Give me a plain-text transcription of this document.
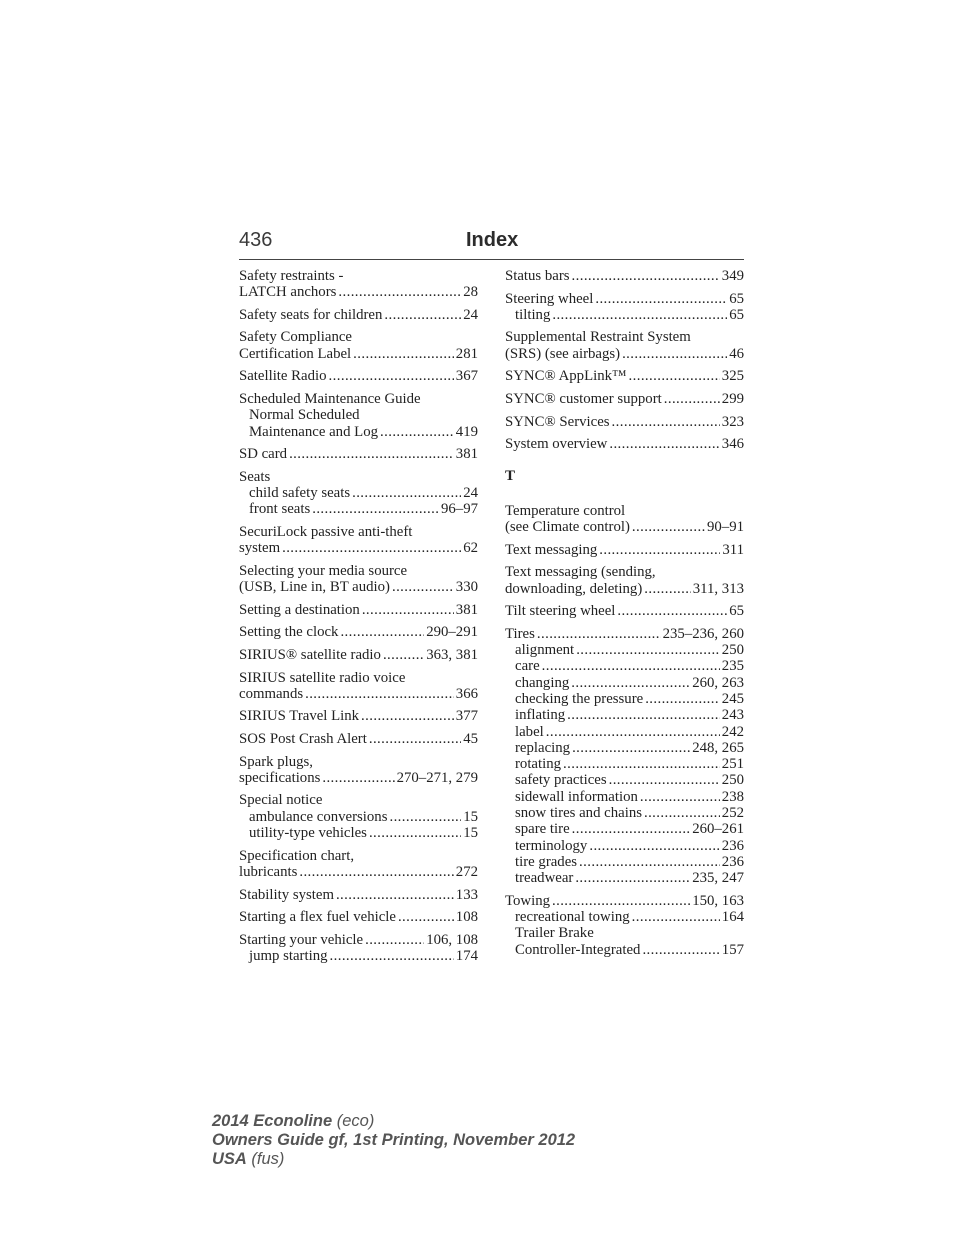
436	Index
Safety restraints -
LATCH anchors .....	28
Safety seats for children .....	24
Safety Compliance
Certification Label .....	281
Satellite Radio .....	367
Scheduled Maintenance Guide
Normal Scheduled
Maintenance and Log .....	419
SD card .....	381
Seats
child safety seats .....	24
front seats .....	96–97
SecuriLock passive anti-theft
system .....	62
Selecting your media source
(USB, Line in, BT audio) .....	330
Setting a destination .....	381
Setting the clock .....	290–291
SIRIUS® satellite radio .....	363, 381
SIRIUS satellite radio voice
commands .....	366
SIRIUS Travel Link .....	377
SOS Post Crash Alert .....	45
Spark plugs,
specifications .....	270–271, 279
Special notice
ambulance conversions .....	15
utility-type vehicles .....	15
Specification chart,
lubricants .....	272
Stability system .....	133
Starting a flex fuel vehicle .....	108
Starting your vehicle .....	106, 108
jump starting .....	174
Status bars .....	349
Steering wheel .....	65
tilting .....	65
Supplemental Restraint System
(SRS) (see airbags) .....	46
SYNC® AppLink™ .....	325
SYNC® customer support .....	299
SYNC® Services .....	323
System overview .....	346
T
Temperature control
(see Climate control) .....	90–91
Text messaging .....	311
Text messaging (sending,
downloading, deleting) .....	311, 313
Tilt steering wheel .....	65
Tires .....	235–236, 260
alignment .....	250
care .....	235
changing .....	260, 263
checking the pressure .....	245
inflating .....	243
label .....	242
replacing .....	248, 265
rotating .....	251
safety practices .....	250
sidewall information .....	238
snow tires and chains .....	252
spare tire .....	260–261
terminology .....	236
tire grades .....	236
treadwear .....	235, 247
Towing .....	150, 163
recreational towing .....	164
Trailer Brake
Controller-Integrated .....	157
2014 Econoline (eco)
Owners Guide gf, 1st Printing, November 2012
USA (fus)
